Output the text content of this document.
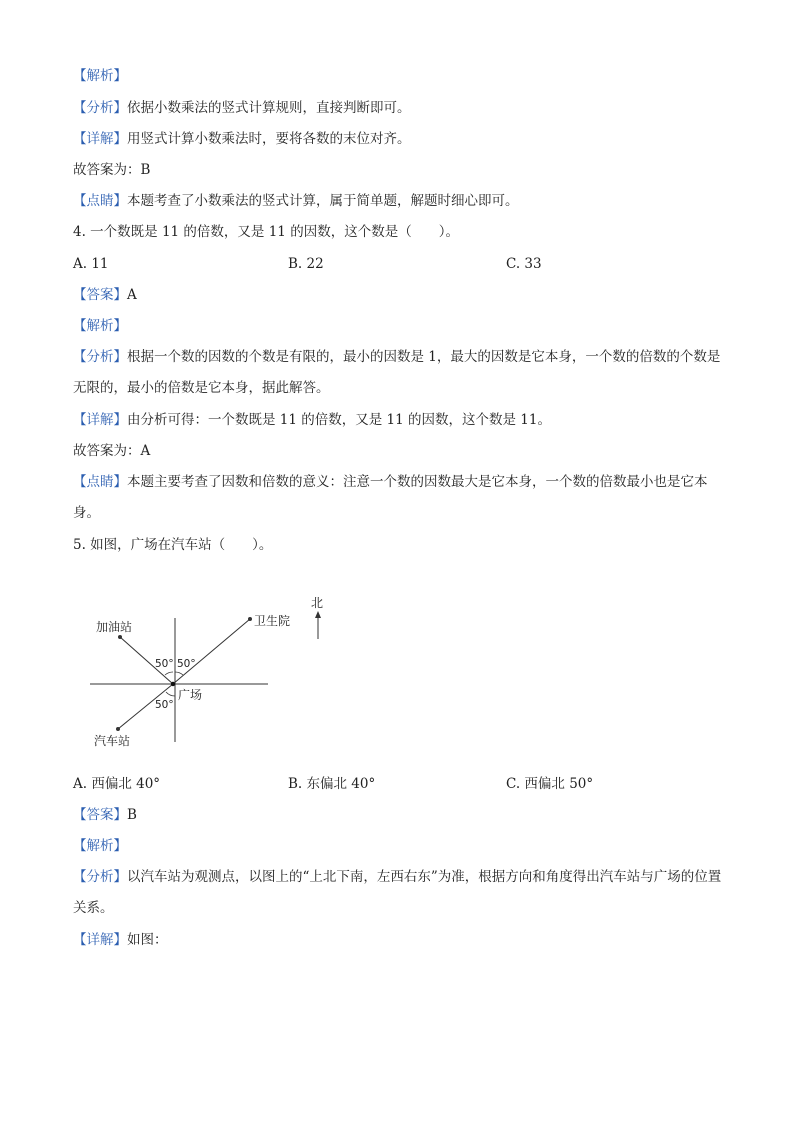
【解析】
【分析】依据小数乘法的竖式计算规则，直接判断即可。
【详解】用竖式计算小数乘法时，要将各数的末位对齐。
故答案为：B
【点睛】本题考查了小数乘法的竖式计算，属于简单题，解题时细心即可。
4. 一个数既是 11 的倍数，又是 11 的因数，这个数是（　　）。
A. 11	B. 22	C. 33
【答案】A
【解析】
【分析】根据一个数的因数的个数是有限的，最小的因数是 1，最大的因数是它本身，一个数的倍数的个数是无限的，最小的倍数是它本身，据此解答。
【详解】由分析可得：一个数既是 11 的倍数，又是 11 的因数，这个数是 11。
故答案为：A
【点睛】本题主要考查了因数和倍数的意义：注意一个数的因数最大是它本身，一个数的倍数最小也是它本身。
5. 如图，广场在汽车站（　　）。
加油站	卫生院
汽车站
广场
50° 50°
50°
北
A. 西偏北 40°	B. 东偏北 40°	C. 西偏北 50°
【答案】B
【解析】
【分析】以汽车站为观测点，以图上的“上北下南，左西右东”为准，根据方向和角度得出汽车站与广场的位置关系。
【详解】如图：
